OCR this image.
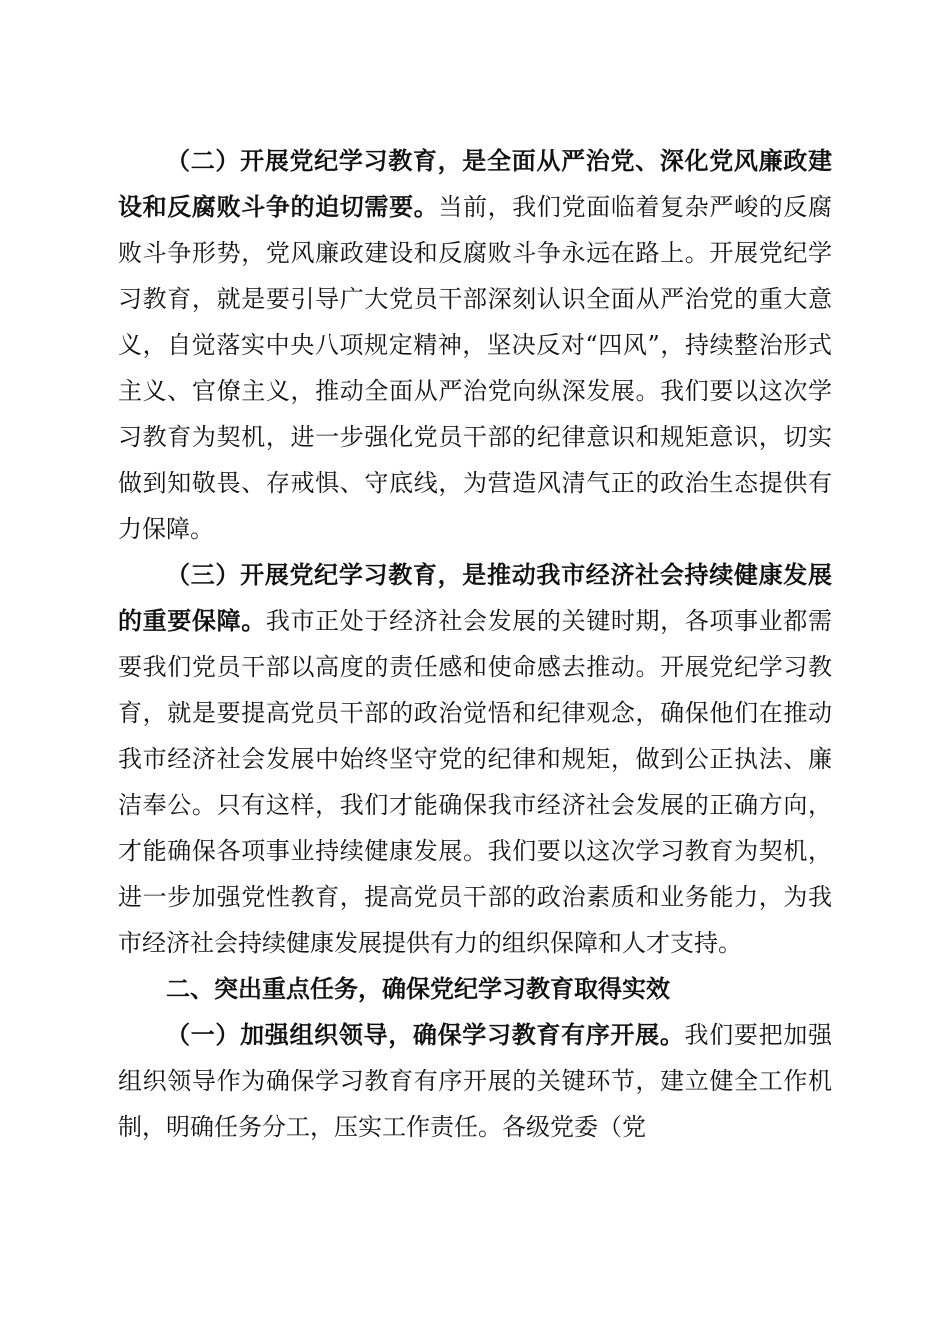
（二）开展党纪学习教育，是全面从严治党、深化党风廉政建设和反腐败斗争的迫切需要。当前，我们党面临着复杂严峻的反腐败斗争形势，党风廉政建设和反腐败斗争永远在路上。开展党纪学习教育，就是要引导广大党员干部深刻认识全面从严治党的重大意义，自觉落实中央八项规定精神，坚决反对“四风”，持续整治形式主义、官僚主义，推动全面从严治党向纵深发展。我们要以这次学习教育为契机，进一步强化党员干部的纪律意识和规矩意识，切实做到知敬畏、存戒惧、守底线，为营造风清气正的政治生态提供有力保障。

（三）开展党纪学习教育，是推动我市经济社会持续健康发展的重要保障。我市正处于经济社会发展的关键时期，各项事业都需要我们党员干部以高度的责任感和使命感去推动。开展党纪学习教育，就是要提高党员干部的政治觉悟和纪律观念，确保他们在推动我市经济社会发展中始终坚守党的纪律和规矩，做到公正执法、廉洁奉公。只有这样，我们才能确保我市经济社会发展的正确方向，才能确保各项事业持续健康发展。我们要以这次学习教育为契机，进一步加强党性教育，提高党员干部的政治素质和业务能力，为我市经济社会持续健康发展提供有力的组织保障和人才支持。

二、突出重点任务，确保党纪学习教育取得实效

（一）加强组织领导，确保学习教育有序开展。我们要把加强组织领导作为确保学习教育有序开展的关键环节，建立健全工作机制，明确任务分工，压实工作责任。各级党委（党
